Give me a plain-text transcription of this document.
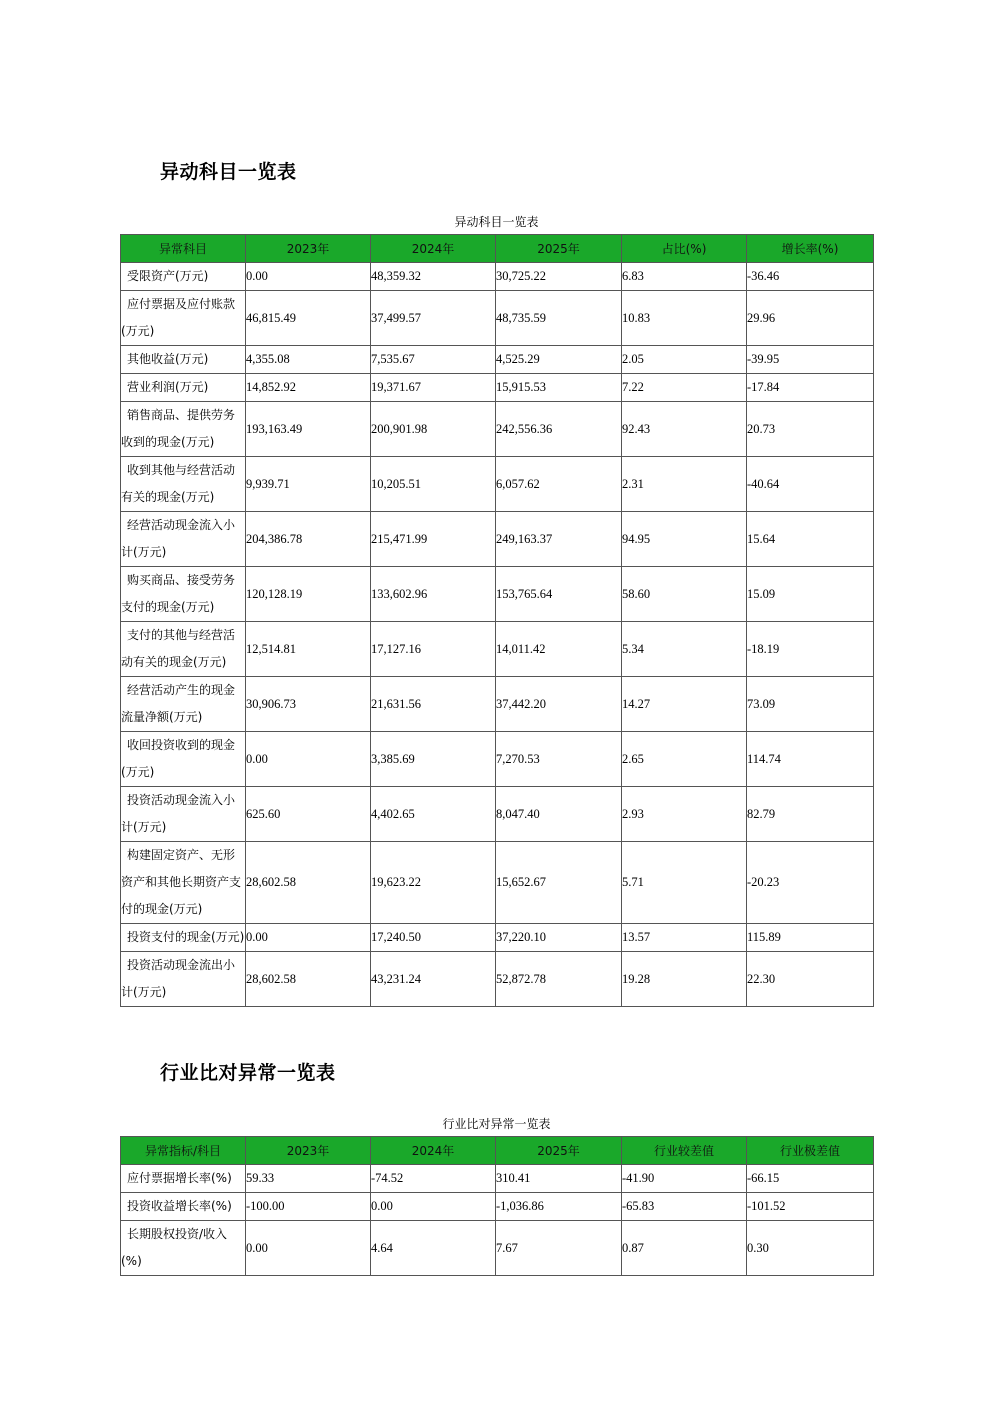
异动科目一览表
异动科目一览表
异常科目	2023年	2024年	2025年	占比(%)	增长率(%)
受限资产(万元)	0.00	48,359.32	30,725.22	6.83	-36.46
应付票据及应付账款(万元)	46,815.49	37,499.57	48,735.59	10.83	29.96
其他收益(万元)	4,355.08	7,535.67	4,525.29	2.05	-39.95
营业利润(万元)	14,852.92	19,371.67	15,915.53	7.22	-17.84
销售商品、提供劳务收到的现金(万元)	193,163.49	200,901.98	242,556.36	92.43	20.73
收到其他与经营活动有关的现金(万元)	9,939.71	10,205.51	6,057.62	2.31	-40.64
经营活动现金流入小计(万元)	204,386.78	215,471.99	249,163.37	94.95	15.64
购买商品、接受劳务支付的现金(万元)	120,128.19	133,602.96	153,765.64	58.60	15.09
支付的其他与经营活动有关的现金(万元)	12,514.81	17,127.16	14,011.42	5.34	-18.19
经营活动产生的现金流量净额(万元)	30,906.73	21,631.56	37,442.20	14.27	73.09
收回投资收到的现金(万元)	0.00	3,385.69	7,270.53	2.65	114.74
投资活动现金流入小计(万元)	625.60	4,402.65	8,047.40	2.93	82.79
构建固定资产、无形资产和其他长期资产支付的现金(万元)	28,602.58	19,623.22	15,652.67	5.71	-20.23
投资支付的现金(万元)	0.00	17,240.50	37,220.10	13.57	115.89
投资活动现金流出小计(万元)	28,602.58	43,231.24	52,872.78	19.28	22.30
行业比对异常一览表
行业比对异常一览表
异常指标/科目	2023年	2024年	2025年	行业较差值	行业极差值
应付票据增长率(%)	59.33	-74.52	310.41	-41.90	-66.15
投资收益增长率(%)	-100.00	0.00	-1,036.86	-65.83	-101.52
长期股权投资/收入(%)	0.00	4.64	7.67	0.87	0.30
